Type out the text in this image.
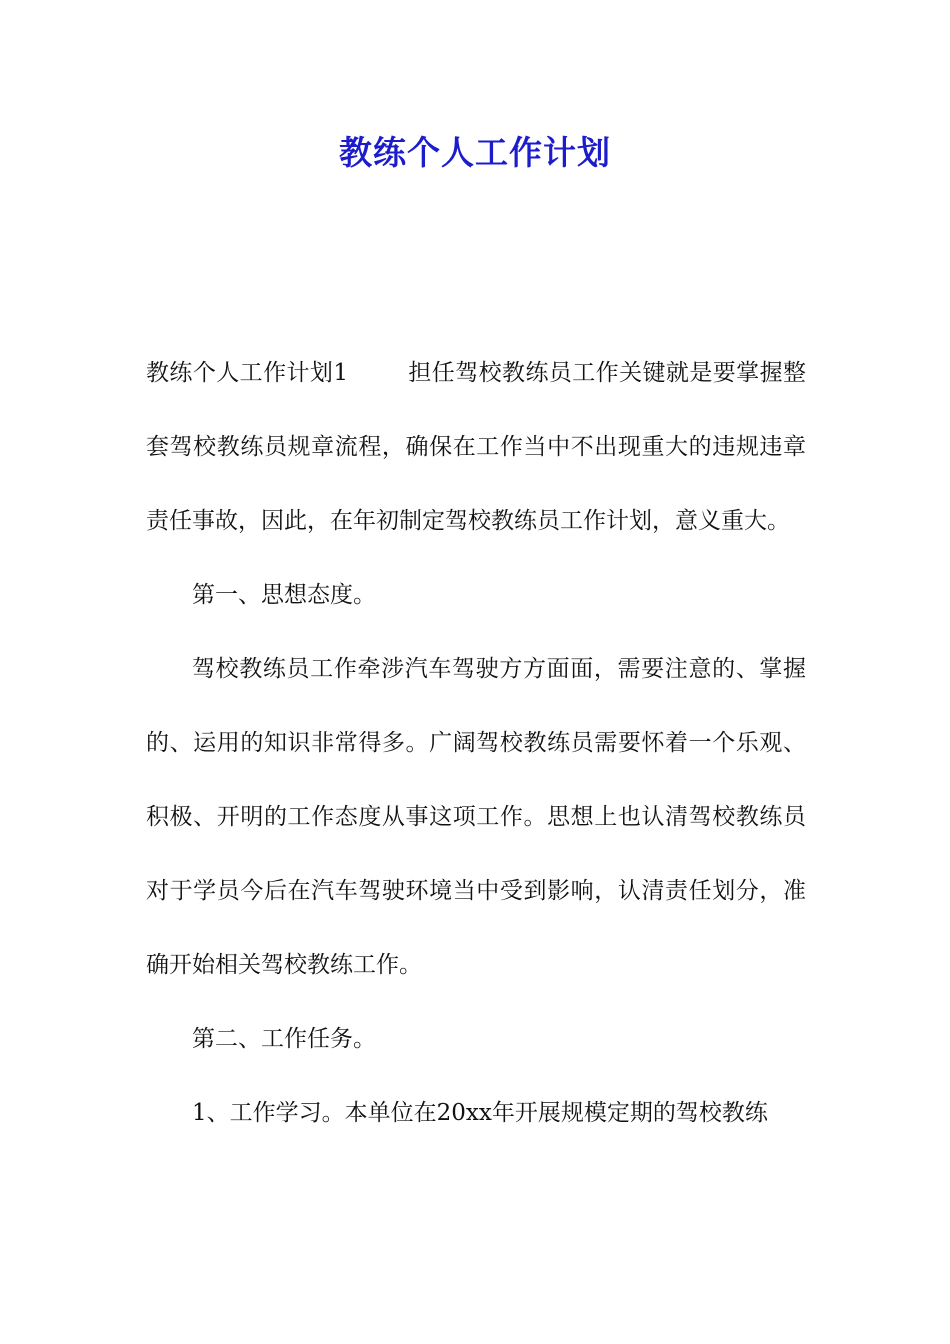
教练个人工作计划

教练个人工作计划1	担任驾校教练员工作关键就是要掌握整套驾校教练员规章流程，确保在工作当中不出现重大的违规违章责任事故，因此，在年初制定驾校教练员工作计划，意义重大。

第一、思想态度。

驾校教练员工作牵涉汽车驾驶方方面面，需要注意的、掌握的、运用的知识非常得多。广阔驾校教练员需要怀着一个乐观、积极、开明的工作态度从事这项工作。思想上也认清驾校教练员对于学员今后在汽车驾驶环境当中受到影响，认清责任划分，准确开始相关驾校教练工作。

第二、工作任务。

1、工作学习。本单位在20xx年开展规模定期的驾校教练
